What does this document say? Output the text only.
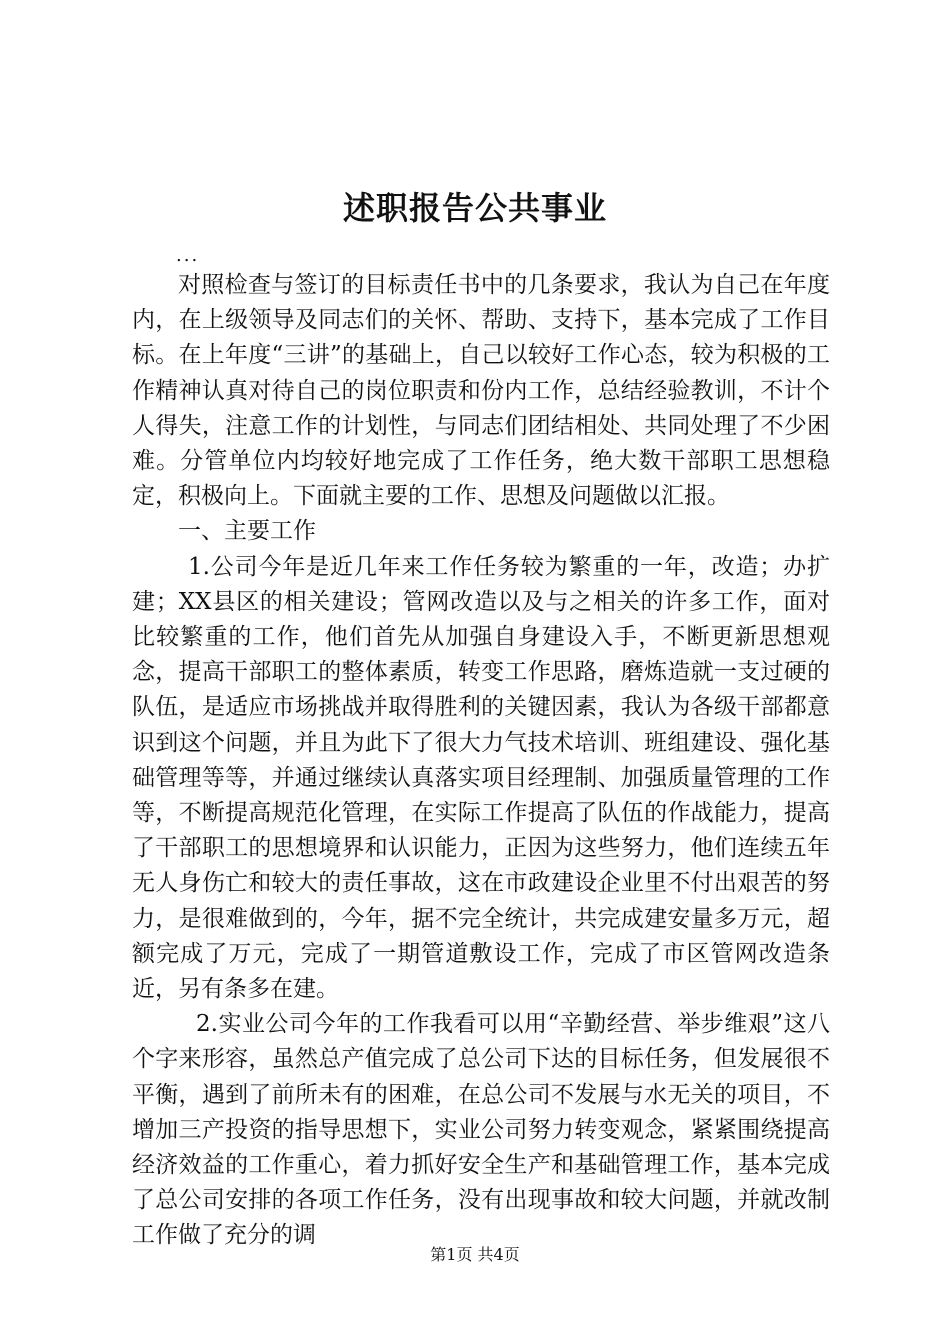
述职报告公共事业
...

对照检查与签订的目标责任书中的几条要求，我认为自己在年度内，在上级领导及同志们的关怀、帮助、支持下，基本完成了工作目标。在上年度“三讲”的基础上，自己以较好工作心态，较为积极的工作精神认真对待自己的岗位职责和份内工作，总结经验教训，不计个人得失，注意工作的计划性，与同志们团结相处、共同处理了不少困难。分管单位内均较好地完成了工作任务，绝大数干部职工思想稳定，积极向上。下面就主要的工作、思想及问题做以汇报。

一、主要工作

1.公司今年是近几年来工作任务较为繁重的一年，改造；办扩建；XX县区的相关建设；管网改造以及与之相关的许多工作，面对比较繁重的工作，他们首先从加强自身建设入手，不断更新思想观念，提高干部职工的整体素质，转变工作思路，磨炼造就一支过硬的队伍，是适应市场挑战并取得胜利的关键因素，我认为各级干部都意识到这个问题，并且为此下了很大力气技术培训、班组建设、强化基础管理等等，并通过继续认真落实项目经理制、加强质量管理的工作等，不断提高规范化管理，在实际工作提高了队伍的作战能力，提高了干部职工的思想境界和认识能力，正因为这些努力，他们连续五年无人身伤亡和较大的责任事故，这在市政建设企业里不付出艰苦的努力，是很难做到的，今年，据不完全统计，共完成建安量多万元，超额完成了万元，完成了一期管道敷设工作，完成了市区管网改造条近，另有条多在建。

2.实业公司今年的工作我看可以用“辛勤经营、举步维艰”这八个字来形容，虽然总产值完成了总公司下达的目标任务，但发展很不平衡，遇到了前所未有的困难，在总公司不发展与水无关的项目，不增加三产投资的指导思想下，实业公司努力转变观念，紧紧围绕提高经济效益的工作重心，着力抓好安全生产和基础管理工作，基本完成了总公司安排的各项工作任务，没有出现事故和较大问题，并就改制工作做了充分的调

第1页 共4页
